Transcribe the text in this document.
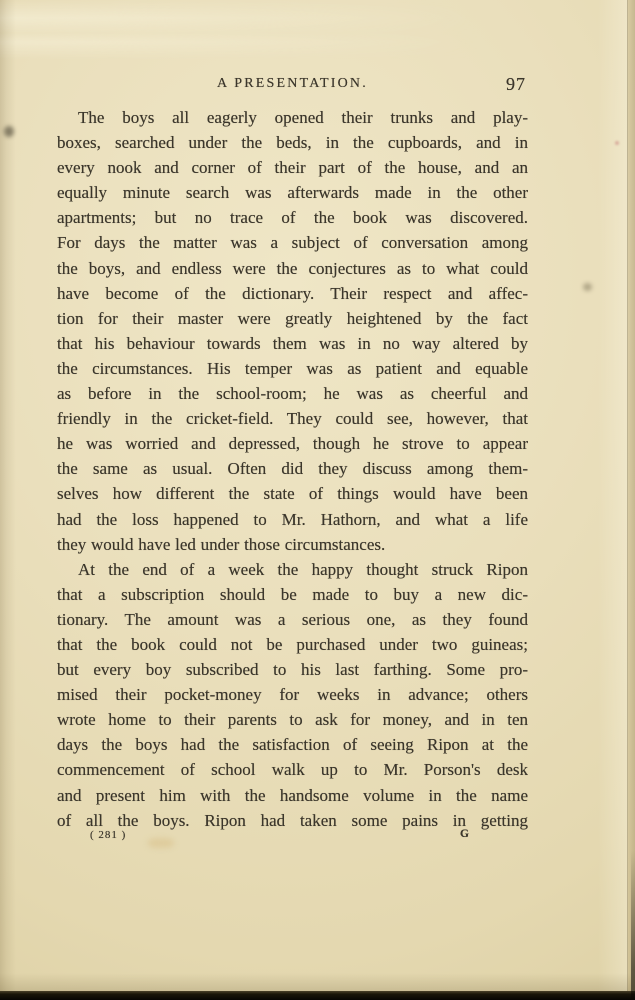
A PRESENTATION.	97
The boys all eagerly opened their trunks and play-
boxes, searched under the beds, in the cupboards, and in
every nook and corner of their part of the house, and an
equally minute search was afterwards made in the other
apartments; but no trace of the book was discovered.
For days the matter was a subject of conversation among
the boys, and endless were the conjectures as to what could
have become of the dictionary. Their respect and affec-
tion for their master were greatly heightened by the fact
that his behaviour towards them was in no way altered by
the circumstances. His temper was as patient and equable
as before in the school-room; he was as cheerful and
friendly in the cricket-field. They could see, however, that
he was worried and depressed, though he strove to appear
the same as usual. Often did they discuss among them-
selves how different the state of things would have been
had the loss happened to Mr. Hathorn, and what a life
they would have led under those circumstances.
At the end of a week the happy thought struck Ripon
that a subscription should be made to buy a new dic-
tionary. The amount was a serious one, as they found
that the book could not be purchased under two guineas;
but every boy subscribed to his last farthing. Some pro-
mised their pocket-money for weeks in advance; others
wrote home to their parents to ask for money, and in ten
days the boys had the satisfaction of seeing Ripon at the
commencement of school walk up to Mr. Porson's desk
and present him with the handsome volume in the name
of all the boys. Ripon had taken some pains in getting
( 281 )	G
